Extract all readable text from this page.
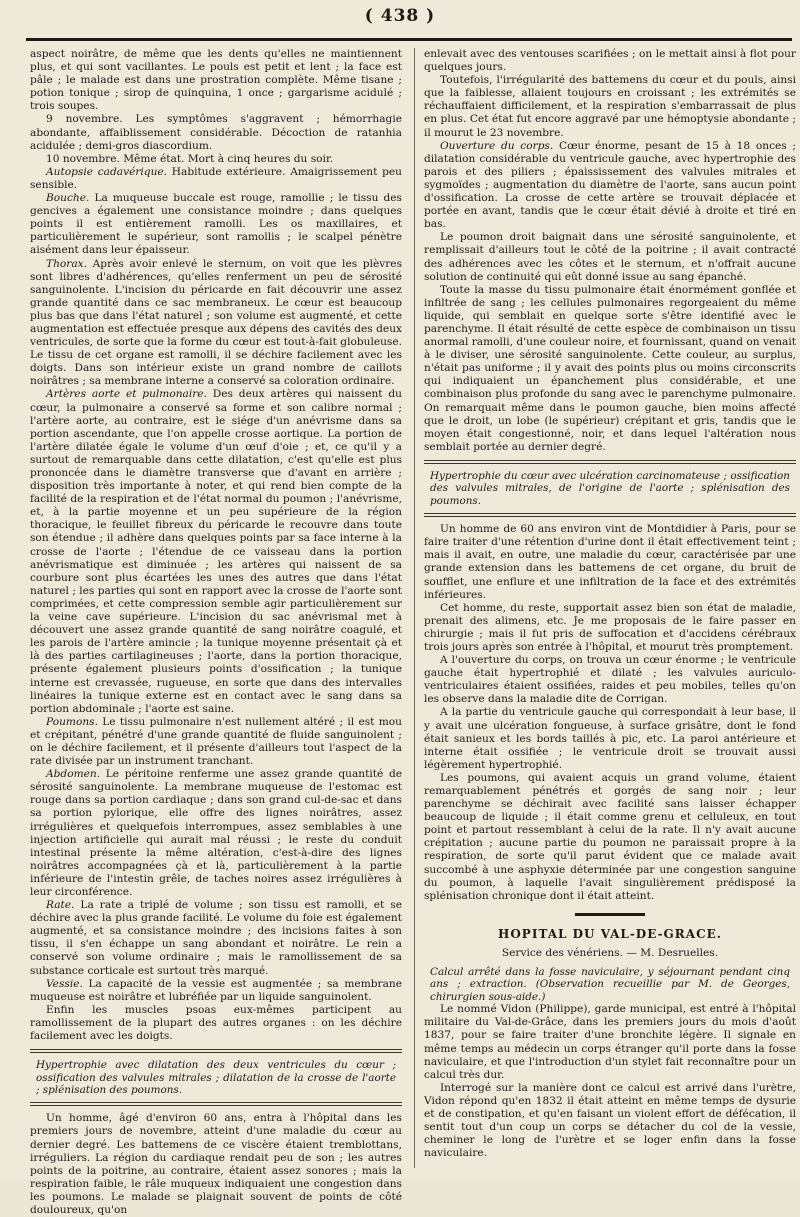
( 438 )

aspect noirâtre, de même que les dents qu'elles ne maintiennent plus, et qui sont vacillantes. Le pouls est petit et lent ; la face est pâle ; le malade est dans une prostration complète. Même tisane ; potion tonique ; sirop de quinquina, 1 once ; gargarisme acidulé ; trois soupes.

9 novembre. Les symptômes s'aggravent ; hémorrhagie abondante, affaiblissement considérable. Décoction de ratanhia acidulée ; demi-gros diascordium.

10 novembre. Même état. Mort à cinq heures du soir.

Autopsie cadavérique. Habitude extérieure. Amaigrissement peu sensible.

Bouche. La muqueuse buccale est rouge, ramollie ; le tissu des gencives a également une consistance moindre ; dans quelques points il est entièrement ramolli. Les os maxillaires, et particulièrement le supérieur, sont ramollis ; le scalpel pénètre aisément dans leur épaisseur.

Thorax. Après avoir enlevé le sternum, on voit que les plèvres sont libres d'adhérences, qu'elles renferment un peu de sérosité sanguinolente. L'incision du péricarde en fait découvrir une assez grande quantité dans ce sac membraneux. Le cœur est beaucoup plus bas que dans l'état naturel ; son volume est augmenté, et cette augmentation est effectuée presque aux dépens des cavités des deux ventricules, de sorte que la forme du cœur est tout-à-fait globuleuse. Le tissu de cet organe est ramolli, il se déchire facilement avec les doigts. Dans son intérieur existe un grand nombre de caillots noirâtres ; sa membrane interne a conservé sa coloration ordinaire.

Artères aorte et pulmonaire. Des deux artères qui naissent du cœur, la pulmonaire a conservé sa forme et son calibre normal ; l'artère aorte, au contraire, est le siége d'un anévrisme dans sa portion ascendante, que l'on appelle crosse aortique. La portion de l'artère dilatée égale le volume d'un œuf d'oie ; et, ce qu'il y a surtout de remarquable dans cette dilatation, c'est qu'elle est plus prononcée dans le diamètre transverse que d'avant en arrière ; disposition très importante à noter, et qui rend bien compte de la facilité de la respiration et de l'état normal du poumon ; l'anévrisme, et, à la partie moyenne et un peu supérieure de la région thoracique, le feuillet fibreux du péricarde le recouvre dans toute son étendue ; il adhère dans quelques points par sa face interne à la crosse de l'aorte ; l'étendue de ce vaisseau dans la portion anévrismatique est diminuée ; les artères qui naissent de sa courbure sont plus écartées les unes des autres que dans l'état naturel ; les parties qui sont en rapport avec la crosse de l'aorte sont comprimées, et cette compression semble agir particulièrement sur la veine cave supérieure. L'incision du sac anévrismal met à découvert une assez grande quantité de sang noirâtre coagulé, et les parois de l'artère amincie ; la tunique moyenne présentait çà et là des parties cartilagineuses ; l'aorte, dans la portion thoracique, présente également plusieurs points d'ossification ; la tunique interne est crevassée, rugueuse, en sorte que dans des intervalles linéaires la tunique externe est en contact avec le sang dans sa portion abdominale ; l'aorte est saine.

Poumons. Le tissu pulmonaire n'est nullement altéré ; il est mou et crépitant, pénétré d'une grande quantité de fluide sanguinolent ; on le déchire facilement, et il présente d'ailleurs tout l'aspect de la rate divisée par un instrument tranchant.

Abdomen. Le péritoine renferme une assez grande quantité de sérosité sanguinolente. La membrane muqueuse de l'estomac est rouge dans sa portion cardiaque ; dans son grand cul-de-sac et dans sa portion pylorique, elle offre des lignes noirâtres, assez irrégulières et quelquefois interrompues, assez semblables à une injection artificielle qui aurait mal réussi ; le reste du conduit intestinal présente la même altération, c'est-à-dire des lignes noirâtres accompagnées çà et là, particulièrement à la partie inférieure de l'intestin grêle, de taches noires assez irrégulières à leur circonférence.

Rate. La rate a triplé de volume ; son tissu est ramolli, et se déchire avec la plus grande facilité. Le volume du foie est également augmenté, et sa consistance moindre ; des incisions faites à son tissu, il s'en échappe un sang abondant et noirâtre. Le rein a conservé son volume ordinaire ; mais le ramollissement de sa substance corticale est surtout très marqué.

Vessie. La capacité de la vessie est augmentée ; sa membrane muqueuse est noirâtre et lubréfiée par un liquide sanguinolent.

Enfin les muscles psoas eux-mêmes participent au ramollissement de la plupart des autres organes : on les déchire facilement avec les doigts.

Hypertrophie avec dilatation des deux ventricules du cœur ; ossification des valvules mitrales ; dilatation de la crosse de l'aorte ; splénisation des poumons.

Un homme, âgé d'environ 60 ans, entra à l'hôpital dans les premiers jours de novembre, atteint d'une maladie du cœur au dernier degré. Les battemens de ce viscère étaient tremblottans, irréguliers. La région du cardiaque rendait peu de son ; les autres points de la poitrine, au contraire, étaient assez sonores ; mais la respiration faible, le râle muqueux indiquaient une congestion dans les poumons. Le malade se plaignait souvent de points de côté douloureux, qu'on

enlevait avec des ventouses scarifiées ; on le mettait ainsi à flot pour quelques jours.

Toutefois, l'irrégularité des battemens du cœur et du pouls, ainsi que la faiblesse, allaient toujours en croissant ; les extrémités se réchauffaient difficilement, et la respiration s'embarrassait de plus en plus. Cet état fut encore aggravé par une hémoptysie abondante ; il mourut le 23 novembre.

Ouverture du corps. Cœur énorme, pesant de 15 à 18 onces ; dilatation considérable du ventricule gauche, avec hypertrophie des parois et des piliers ; épaississement des valvules mitrales et sygmoïdes ; augmentation du diamètre de l'aorte, sans aucun point d'ossification. La crosse de cette artère se trouvait déplacée et portée en avant, tandis que le cœur était dévié à droite et tiré en bas.

Le poumon droit baignait dans une sérosité sanguinolente, et remplissait d'ailleurs tout le côté de la poitrine ; il avait contracté des adhérences avec les côtes et le sternum, et n'offrait aucune solution de continuité qui eût donné issue au sang épanché.

Toute la masse du tissu pulmonaire était énormément gonflée et infiltrée de sang ; les cellules pulmonaires regorgeaient du même liquide, qui semblait en quelque sorte s'être identifié avec le parenchyme. Il était résulté de cette espèce de combinaison un tissu anormal ramolli, d'une couleur noire, et fournissant, quand on venait à le diviser, une sérosité sanguinolente. Cette couleur, au surplus, n'était pas uniforme ; il y avait des points plus ou moins circonscrits qui indiquaient un épanchement plus considérable, et une combinaison plus profonde du sang avec le parenchyme pulmonaire. On remarquait même dans le poumon gauche, bien moins affecté que le droit, un lobe (le supérieur) crépitant et gris, tandis que le moyen était congestionné, noir, et dans lequel l'altération nous semblait portée au dernier degré.

Hypertrophie du cœur avec ulcération carcinomateuse ; ossification des valvules mitrales, de l'origine de l'aorte ; splénisation des poumons.

Un homme de 60 ans environ vint de Montdidier à Paris, pour se faire traiter d'une rétention d'urine dont il était effectivement teint ; mais il avait, en outre, une maladie du cœur, caractérisée par une grande extension dans les battemens de cet organe, du bruit de soufflet, une enflure et une infiltration de la face et des extrémités inférieures.

Cet homme, du reste, supportait assez bien son état de maladie, prenait des alimens, etc. Je me proposais de le faire passer en chirurgie ; mais il fut pris de suffocation et d'accidens cérébraux trois jours après son entrée à l'hôpital, et mourut très promptement.

A l'ouverture du corps, on trouva un cœur énorme ; le ventricule gauche était hypertrophié et dilaté ; les valvules auriculo-ventriculaires étaient ossifiées, raides et peu mobiles, telles qu'on les observe dans la maladie dite de Corrigan.

A la partie du ventricule gauche qui correspondait à leur base, il y avait une ulcération fongueuse, à surface grisâtre, dont le fond était sanieux et les bords taillés à pic, etc. La paroi antérieure et interne était ossifiée ; le ventricule droit se trouvait aussi légèrement hypertrophié.

Les poumons, qui avaient acquis un grand volume, étaient remarquablement pénétrés et gorgés de sang noir ; leur parenchyme se déchirait avec facilité sans laisser échapper beaucoup de liquide ; il était comme grenu et celluleux, en tout point et partout ressemblant à celui de la rate. Il n'y avait aucune crépitation ; aucune partie du poumon ne paraissait propre à la respiration, de sorte qu'il parut évident que ce malade avait succombé à une asphyxie déterminée par une congestion sanguine du poumon, à laquelle l'avait singulièrement prédisposé la splénisation chronique dont il était atteint.

HOPITAL DU VAL-DE-GRACE.
Service des vénériens. — M. Desruelles.

Calcul arrêté dans la fosse naviculaire, y séjournant pendant cinq ans ; extraction. (Observation recueillie par M. de Georges, chirurgien sous-aide.)

Le nommé Vidon (Philippe), garde municipal, est entré à l'hôpital militaire du Val-de-Grâce, dans les premiers jours du mois d'août 1837, pour se faire traiter d'une bronchite légère. Il signale en même temps au médecin un corps étranger qu'il porte dans la fosse naviculaire, et que l'introduction d'un stylet fait reconnaître pour un calcul très dur.

Interrogé sur la manière dont ce calcul est arrivé dans l'urètre, Vidon répond qu'en 1832 il était atteint en même temps de dysurie et de constipation, et qu'en faisant un violent effort de défécation, il sentit tout d'un coup un corps se détacher du col de la vessie, cheminer le long de l'urètre et se loger enfin dans la fosse naviculaire.
